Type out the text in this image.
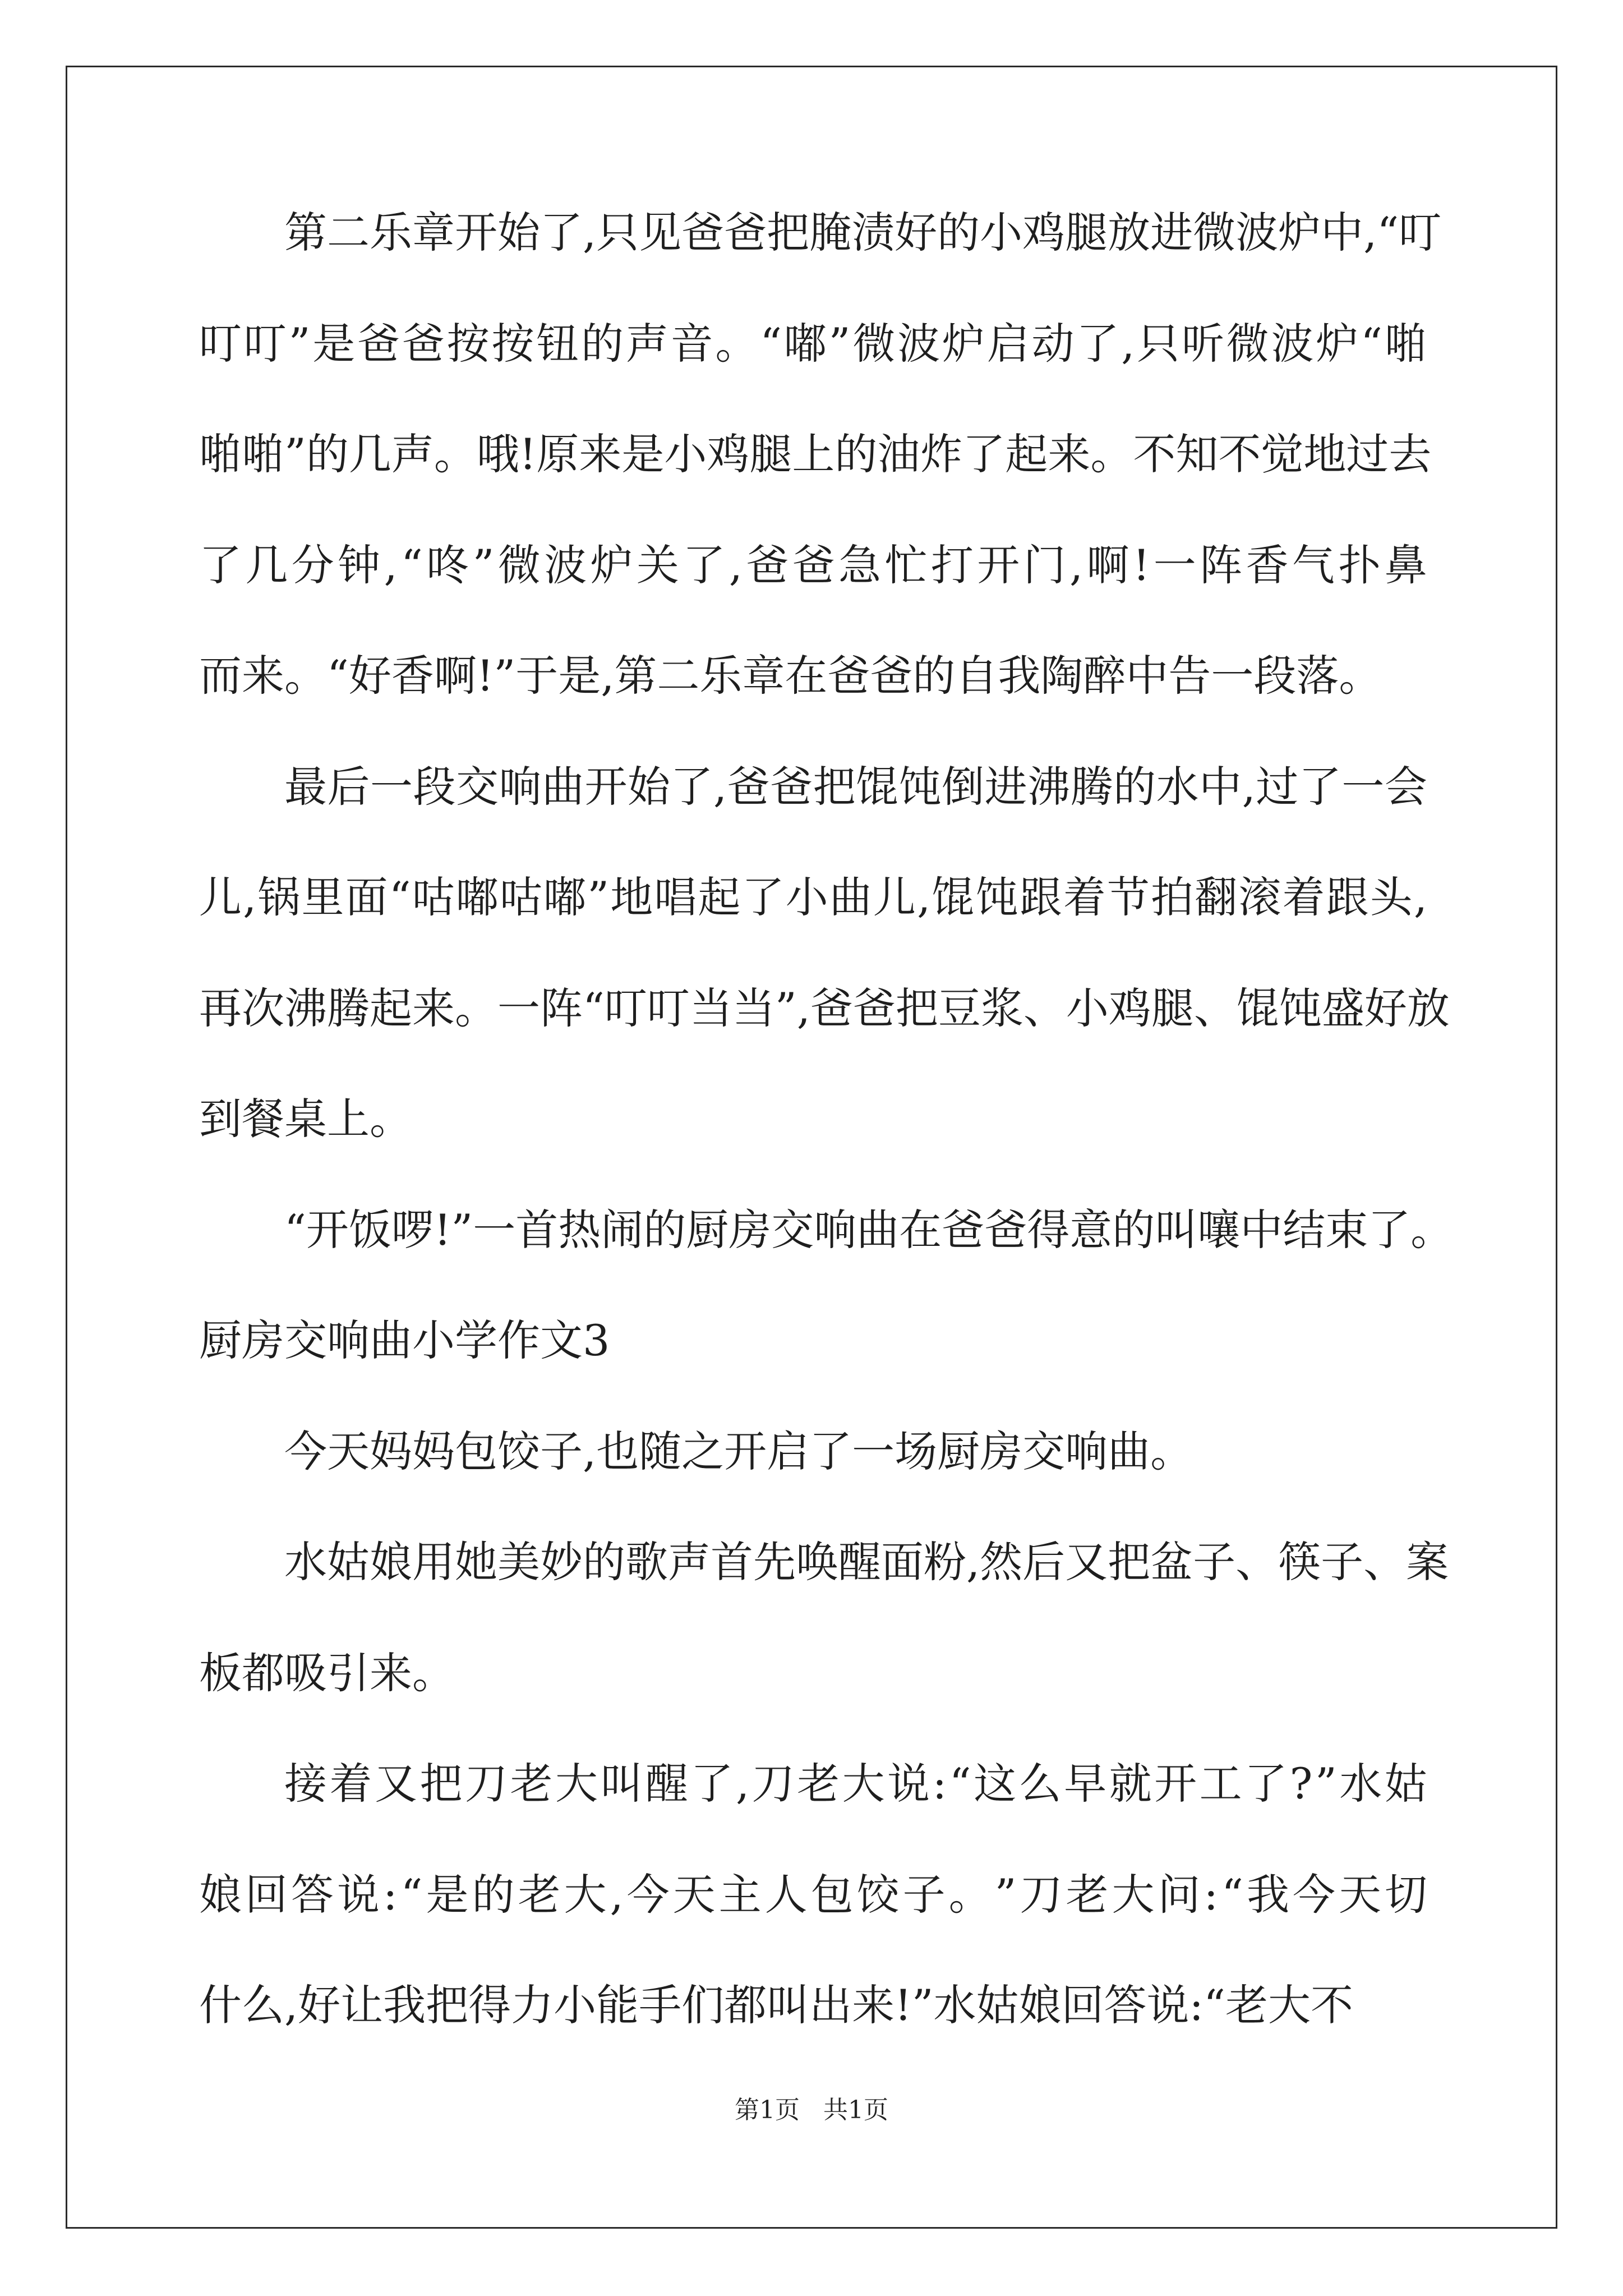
第 二 乐 章 开 始 了 , 只 见 爸 爸 把 腌 渍 好 的 小 鸡 腿 放 进 微 波 炉 中 , “ 叮
叮 叮 ” 是 爸 爸 按 按 钮 的 声 音 。 “ 嘟 ” 微 波 炉 启 动 了 , 只 听 微 波 炉 “ 啪
啪 啪 ” 的 几 声 。 哦 ! 原 来 是 小 鸡 腿 上 的 油 炸 了 起 来 。 不 知 不 觉 地 过 去
了 几 分 钟 , “ 咚 ” 微 波 炉 关 了 , 爸 爸 急 忙 打 开 门 , 啊 ! 一 阵 香 气 扑 鼻
而来。“好香啊!”于是,第二乐章在爸爸的自我陶醉中告一段落。
最 后 一 段 交 响 曲 开 始 了 , 爸 爸 把 馄 饨 倒 进 沸 腾 的 水 中 , 过 了 一 会
儿 , 锅 里 面 “ 咕 嘟 咕 嘟 ” 地 唱 起 了 小 曲 儿 , 馄 饨 跟 着 节 拍 翻 滚 着 跟 头 ,
再 次 沸 腾 起 来 。 一 阵 “ 叮 叮 当 当 ” , 爸 爸 把 豆 浆 、 小 鸡 腿 、 馄 饨 盛 好 放
到餐桌上。
“开饭啰!”一首热闹的厨房交响曲在爸爸得意的叫嚷中结束了。
厨房交响曲小学作文3
今天妈妈包饺子,也随之开启了一场厨房交响曲。
水 姑 娘 用 她 美 妙 的 歌 声 首 先 唤 醒 面 粉 , 然 后 又 把 盆 子 、 筷 子 、 案
板都吸引来。
接 着 又 把 刀 老 大 叫 醒 了 , 刀 老 大 说 : “ 这 么 早 就 开 工 了 ? ” 水 姑
娘 回 答 说 : “ 是 的 老 大 , 今 天 主 人 包 饺 子 。 ” 刀 老 大 问 : “ 我 今 天 切
什么,好让我把得力小能手们都叫出来!”水姑娘回答说:“老大不
第1页   共1页
